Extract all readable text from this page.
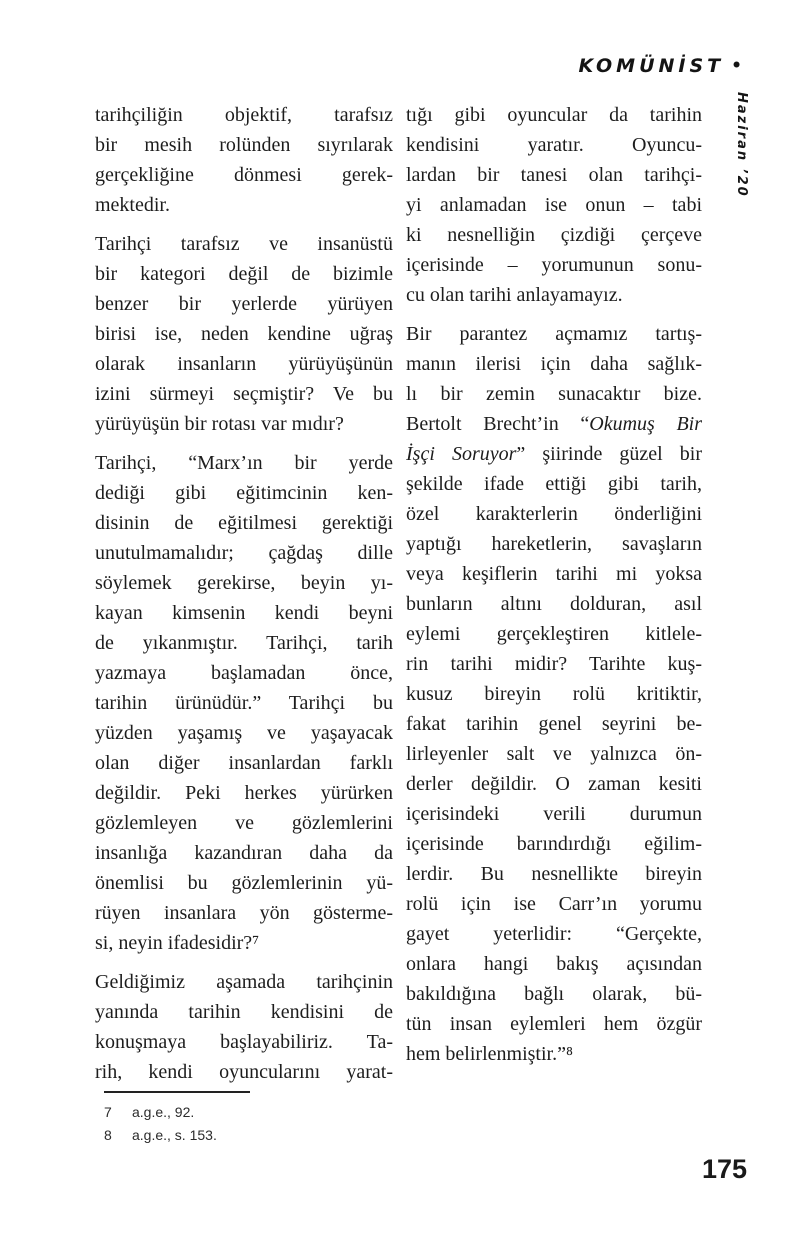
KOMÜNİST •
Haziran ’20
tarihçiliğin objektif, tarafsız
bir mesih rolünden sıyrılarak
gerçekliğine dönmesi gerek-
mektedir.
Tarihçi tarafsız ve insanüstü
bir kategori değil de bizimle
benzer bir yerlerde yürüyen
birisi ise, neden kendine uğraş
olarak insanların yürüyüşünün
izini sürmeyi seçmiştir? Ve bu
yürüyüşün bir rotası var mıdır?
Tarihçi, “Marx’ın bir yerde
dediği gibi eğitimcinin ken-
disinin de eğitilmesi gerektiği
unutulmamalıdır; çağdaş dille
söylemek gerekirse, beyin yı-
kayan kimsenin kendi beyni
de yıkanmıştır. Tarihçi, tarih
yazmaya başlamadan önce,
tarihin ürünüdür.” Tarihçi bu
yüzden yaşamış ve yaşayacak
olan diğer insanlardan farklı
değildir. Peki herkes yürürken
gözlemleyen ve gözlemlerini
insanlığa kazandıran daha da
önemlisi bu gözlemlerinin yü-
rüyen insanlara yön gösterme-
si, neyin ifadesidir?⁷
Geldiğimiz aşamada tarihçinin
yanında tarihin kendisini de
konuşmaya başlayabiliriz. Ta-
rih, kendi oyuncularını yarat-
tığı gibi oyuncular da tarihin
kendisini yaratır. Oyuncu-
lardan bir tanesi olan tarihçi-
yi anlamadan ise onun – tabi
ki nesnelliğin çizdiği çerçeve
içerisinde – yorumunun sonu-
cu olan tarihi anlayamayız.
Bir parantez açmamız tartış-
manın ilerisi için daha sağlık-
lı bir zemin sunacaktır bize.
Bertolt Brecht’in “Okumuş Bir
İşçi Soruyor” şiirinde güzel bir
şekilde ifade ettiği gibi tarih,
özel karakterlerin önderliğini
yaptığı hareketlerin, savaşların
veya keşiflerin tarihi mi yoksa
bunların altını dolduran, asıl
eylemi gerçekleştiren kitlele-
rin tarihi midir? Tarihte kuş-
kusuz bireyin rolü kritiktir,
fakat tarihin genel seyrini be-
lirleyenler salt ve yalnızca ön-
derler değildir. O zaman kesiti
içerisindeki verili durumun
içerisinde barındırdığı eğilim-
lerdir. Bu nesnellikte bireyin
rolü için ise Carr’ın yorumu
gayet yeterlidir: “Gerçekte,
onlara hangi bakış açısından
bakıldığına bağlı olarak, bü-
tün insan eylemleri hem özgür
hem belirlenmiştir.”⁸
7	a.g.e., 92.
8	a.g.e., s. 153.
175
